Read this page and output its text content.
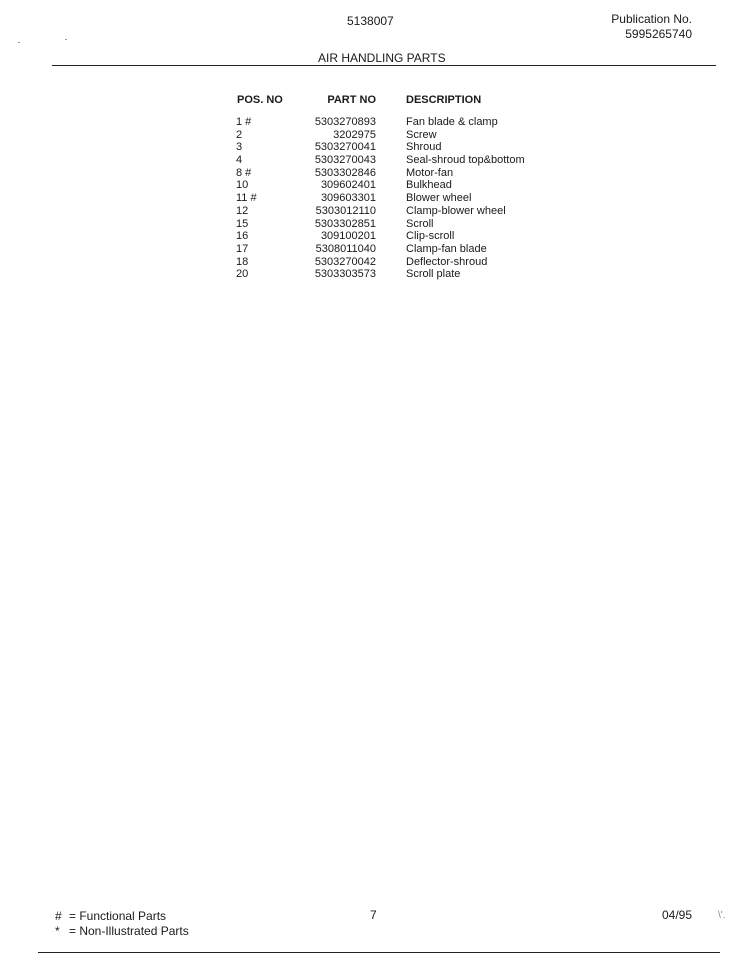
5138007	Publication No.
5995265740
AIR HANDLING PARTS
POS. NO	PART NO	DESCRIPTION
1 #	5303270893	Fan blade & clamp
2	3202975	Screw
3	5303270041	Shroud
4	5303270043	Seal-shroud top&bottom
8 #	5303302846	Motor-fan
10	309602401	Bulkhead
11 #	309603301	Blower wheel
12	5303012110	Clamp-blower wheel
15	5303302851	Scroll
16	309100201	Clip-scroll
17	5308011040	Clamp-fan blade
18	5303270042	Deflector-shroud
20	5303303573	Scroll plate
# = Functional Parts
* = Non-Illustrated Parts
7	04/95	\'.
